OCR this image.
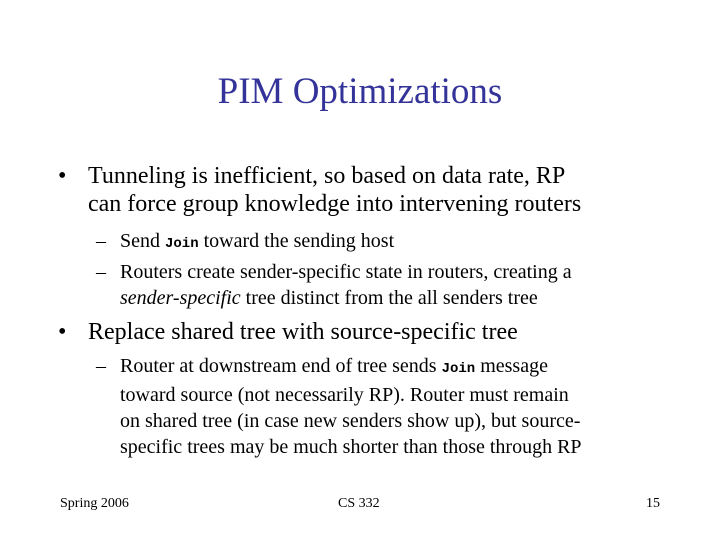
PIM Optimizations
• Tunneling is inefficient, so based on data rate, RP
can force group knowledge into intervening routers
– Send Join toward the sending host
– Routers create sender-specific state in routers, creating a
sender-specific tree distinct from the all senders tree
• Replace shared tree with source-specific tree
– Router at downstream end of tree sends Join message
toward source (not necessarily RP). Router must remain
on shared tree (in case new senders show up), but source-
specific trees may be much shorter than those through RP
Spring 2006	CS 332	15
